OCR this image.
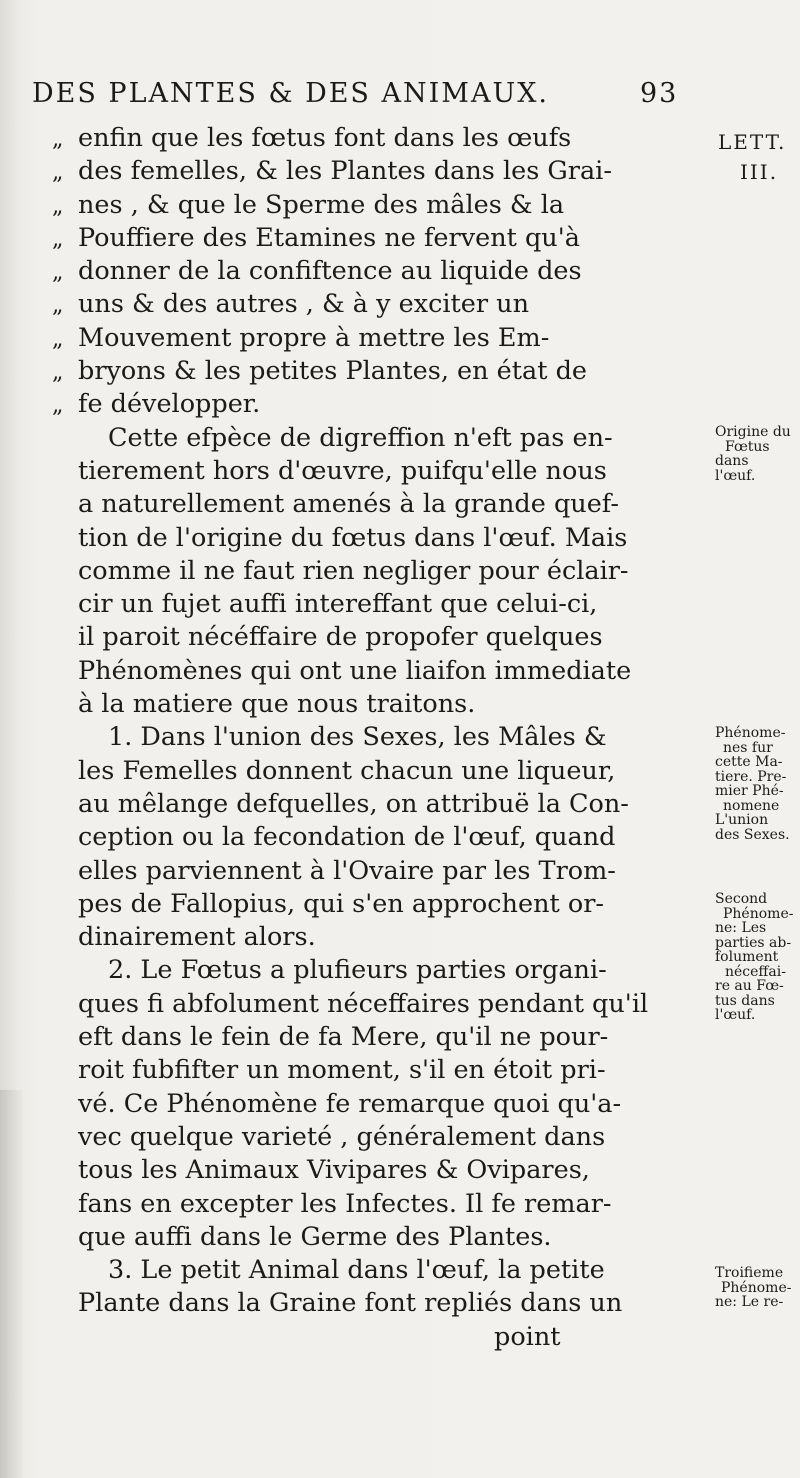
DES PLANTES & DES ANIMAUX.	93
„ enfin que les fœtus font dans les œufs
„ des femelles, & les Plantes dans les Grai-
„ nes , & que le Sperme des mâles & la
„ Pouffiere des Etamines ne fervent qu'à
„ donner de la confiftence au liquide des
„ uns & des autres , & à y exciter un
„ Mouvement propre à mettre les Em-
„ bryons & les petites Plantes, en état de
„ fe développer.
Cette efpèce de digreffion n'eft pas en-
tierement hors d'œuvre, puifqu'elle nous
a naturellement amenés à la grande quef-
tion de l'origine du fœtus dans l'œuf. Mais
comme il ne faut rien negliger pour éclair-
cir un fujet auffi intereffant que celui-ci,
il paroit nécéffaire de propofer quelques
Phénomènes qui ont une liaifon immediate
à la matiere que nous traitons.
1. Dans l'union des Sexes, les Mâles &
les Femelles donnent chacun une liqueur,
au mêlange defquelles, on attribuë la Con-
ception ou la fecondation de l'œuf, quand
elles parviennent à l'Ovaire par les Trom-
pes de Fallopius, qui s'en approchent or-
dinairement alors.
2. Le Fœtus a plufieurs parties organi-
ques fi abfolument néceffaires pendant qu'il
eft dans le fein de fa Mere, qu'il ne pour-
roit fubfifter un moment, s'il en étoit pri-
vé. Ce Phénomène fe remarque quoi qu'a-
vec quelque varieté , généralement dans
tous les Animaux Vivipares & Ovipares,
fans en excepter les Infectes. Il fe remar-
que auffi dans le Germe des Plantes.
3. Le petit Animal dans l'œuf, la petite
Plante dans la Graine font repliés dans un
point
LETT.
III.
Origine du
Fœtus
dans
l'œuf.
Phénome-
nes fur
cette Ma-
tiere. Pre-
mier Phé-
nomene
L'union
des Sexes.
Second
Phénome-
ne: Les
parties ab-
folument
néceffai-
re au Fœ-
tus dans
l'œuf.
Troifieme
Phénome-
ne: Le re-
